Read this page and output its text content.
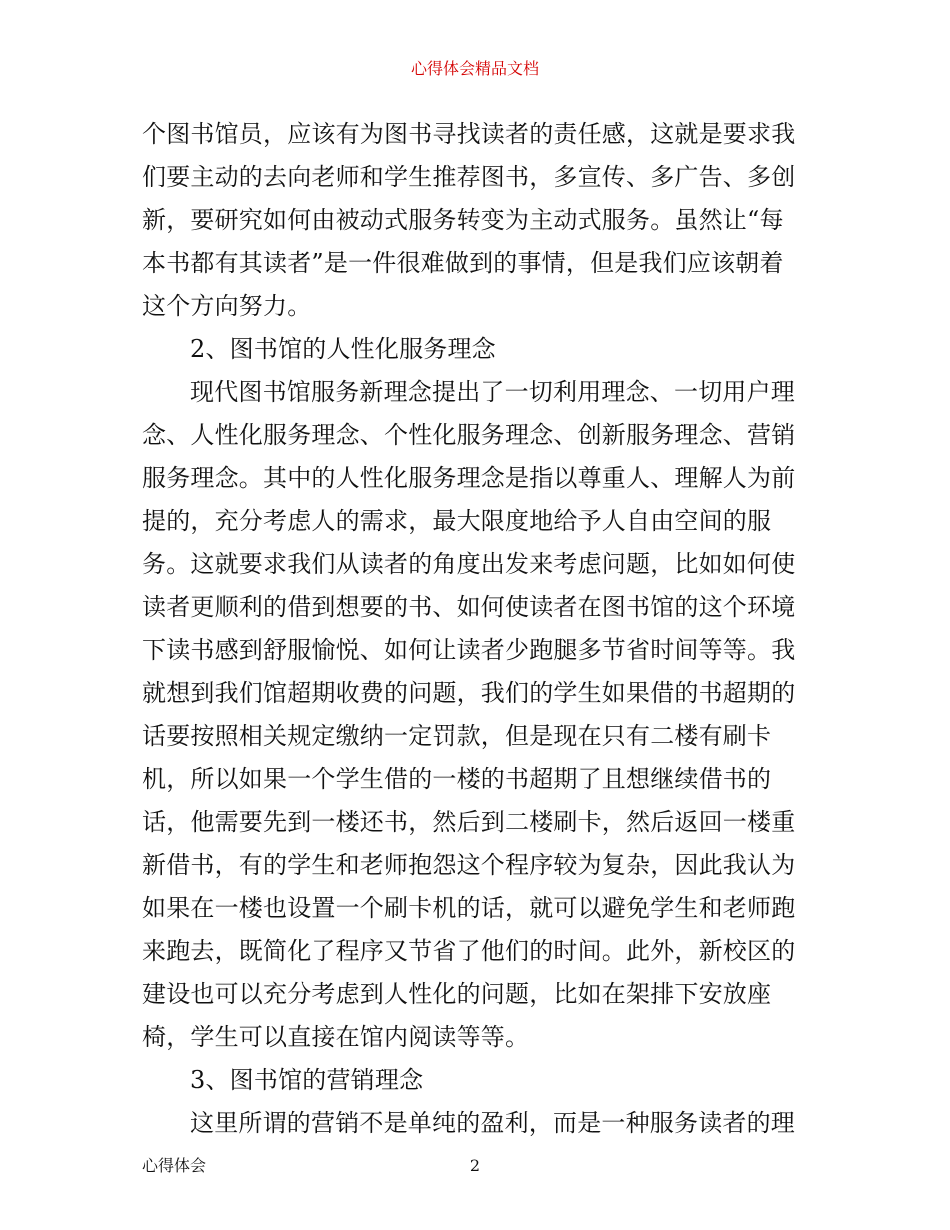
心得体会精品文档
个图书馆员，应该有为图书寻找读者的责任感，这就是要求我
们要主动的去向老师和学生推荐图书，多宣传、多广告、多创
新，要研究如何由被动式服务转变为主动式服务。虽然让“每
本书都有其读者”是一件很难做到的事情，但是我们应该朝着
这个方向努力。
2、图书馆的人性化服务理念
现代图书馆服务新理念提出了一切利用理念、一切用户理
念、人性化服务理念、个性化服务理念、创新服务理念、营销
服务理念。其中的人性化服务理念是指以尊重人、理解人为前
提的，充分考虑人的需求，最大限度地给予人自由空间的服
务。这就要求我们从读者的角度出发来考虑问题，比如如何使
读者更顺利的借到想要的书、如何使读者在图书馆的这个环境
下读书感到舒服愉悦、如何让读者少跑腿多节省时间等等。我
就想到我们馆超期收费的问题，我们的学生如果借的书超期的
话要按照相关规定缴纳一定罚款，但是现在只有二楼有刷卡
机，所以如果一个学生借的一楼的书超期了且想继续借书的
话，他需要先到一楼还书，然后到二楼刷卡，然后返回一楼重
新借书，有的学生和老师抱怨这个程序较为复杂，因此我认为
如果在一楼也设置一个刷卡机的话，就可以避免学生和老师跑
来跑去，既简化了程序又节省了他们的时间。此外，新校区的
建设也可以充分考虑到人性化的问题，比如在架排下安放座
椅，学生可以直接在馆内阅读等等。
3、图书馆的营销理念
这里所谓的营销不是单纯的盈利，而是一种服务读者的理
心得体会	2
